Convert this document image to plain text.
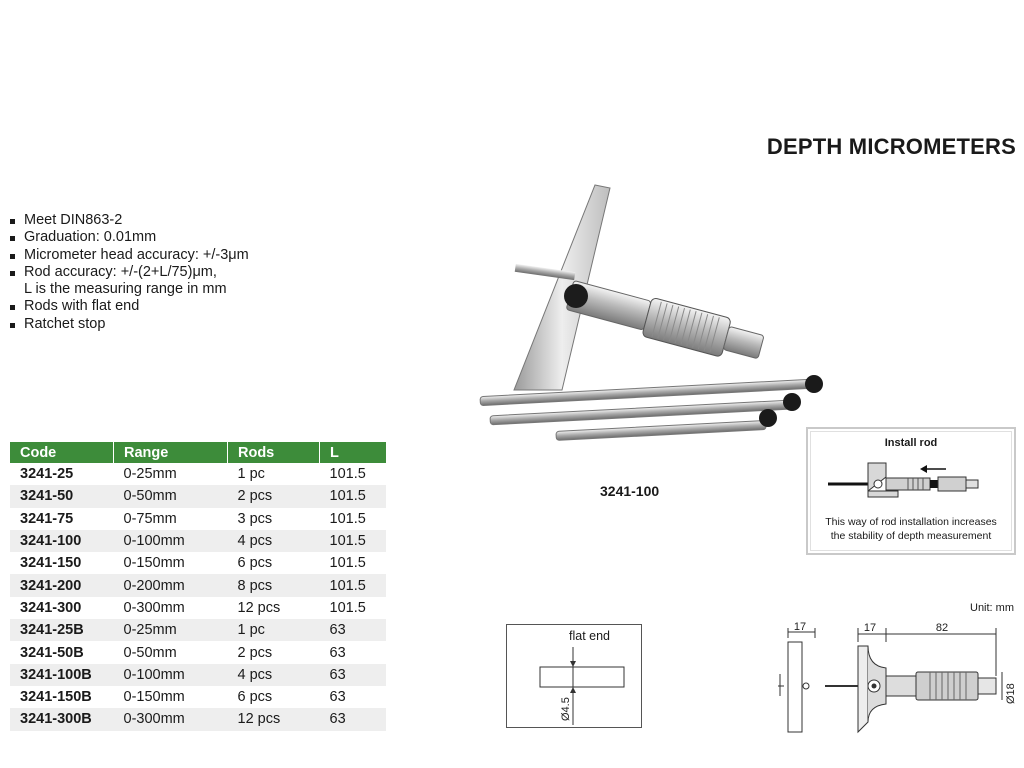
DEPTH MICROMETERS
Meet DIN863-2
Graduation: 0.01mm
Micrometer head accuracy: +/-3μm
Rod accuracy: +/-(2+L/75)μm,
L is the measuring range in mm
Rods with flat end
Ratchet stop
Code	Range	Rods	L
3241-25	0-25mm	1 pc	101.5
3241-50	0-50mm	2 pcs	101.5
3241-75	0-75mm	3 pcs	101.5
3241-100	0-100mm	4 pcs	101.5
3241-150	0-150mm	6 pcs	101.5
3241-200	0-200mm	8 pcs	101.5
3241-300	0-300mm	12 pcs	101.5
3241-25B	0-25mm	1 pc	63
3241-50B	0-50mm	2 pcs	63
3241-100B	0-100mm	4 pcs	63
3241-150B	0-150mm	6 pcs	63
3241-300B	0-300mm	12 pcs	63
3241-100
Install rod
This way of rod installation increases
the stability of depth measurement
flat end
Ø4.5
Unit: mm
17	17	82
Ø18
